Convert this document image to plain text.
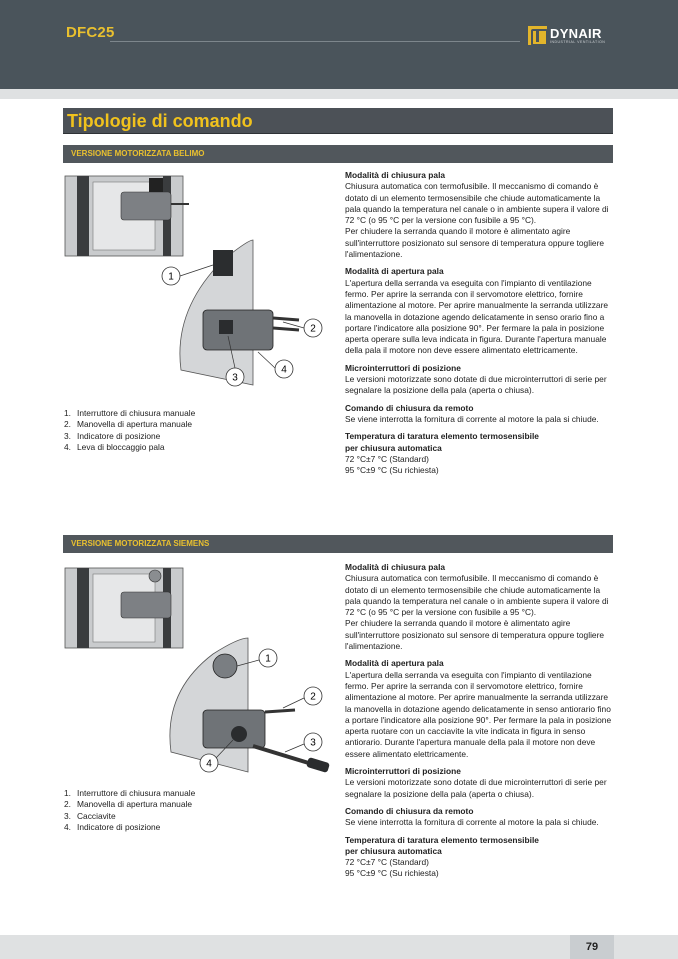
DFC25	DYNAIR
INDUSTRIAL VENTILATION
Tipologie di comando
VERSIONE MOTORIZZATA BELIMO
1
2
3
4
1. Interruttore di chiusura manuale
2. Manovella di apertura manuale
3. Indicatore di posizione
4. Leva di bloccaggio pala
Modalità di chiusura pala
Chiusura automatica con termofusibile. Il meccanismo di comando è dotato di un elemento termosensibile che chiude automaticamente la pala quando la temperatura nel canale o in ambiente supera il valore di 72 °C (o 95 °C per la versione con fusibile a 95 °C).
Per chiudere la serranda quando il motore è alimentato agire sull'interruttore posizionato sul sensore di temperatura oppure togliere l'alimentazione.
Modalità di apertura pala
L'apertura della serranda va eseguita con l'impianto di ventilazione fermo. Per aprire la serranda con il servomotore elettrico, fornire alimentazione al motore. Per aprire manualmente la serranda utilizzare la manovella in dotazione agendo delicatamente in senso orario fino a portare l'indicatore alla posizione 90°. Per fermare la pala in posizione aperta operare sulla leva indicata in figura. Durante l'apertura manuale della pala il motore non deve essere alimentato elettricamente.
Microinterruttori di posizione
Le versioni motorizzate sono dotate di due microinterruttori di serie per segnalare la posizione della pala (aperta o chiusa).
Comando di chiusura da remoto
Se viene interrotta la fornitura di corrente al motore la pala si chiude.
Temperatura di taratura elemento termosensibile
per chiusura automatica
72 °C±7 °C (Standard)
95 °C±9 °C (Su richiesta)
VERSIONE MOTORIZZATA SIEMENS
1
2
3
4
1. Interruttore di chiusura manuale
2. Manovella di apertura manuale
3. Cacciavite
4. Indicatore di posizione
Modalità di chiusura pala
Chiusura automatica con termofusibile. Il meccanismo di comando è dotato di un elemento termosensibile che chiude automaticamente la pala quando la temperatura nel canale o in ambiente supera il valore di 72 °C (o 95 °C per la versione con fusibile a 95 °C).
Per chiudere la serranda quando il motore è alimentato agire sull'interruttore posizionato sul sensore di temperatura oppure togliere l'alimentazione.
Modalità di apertura pala
L'apertura della serranda va eseguita con l'impianto di ventilazione fermo. Per aprire la serranda con il servomotore elettrico, fornire alimentazione al motore. Per aprire manualmente la serranda utilizzare la manovella in dotazione agendo delicatamente in senso antiorario fino a portare l'indicatore alla posizione 90°. Per fermare la pala in posizione aperta ruotare con un cacciavite la vite indicata in figura in senso antiorario. Durante l'apertura manuale della pala il motore non deve essere alimentato elettricamente.
Microinterruttori di posizione
Le versioni motorizzate sono dotate di due microinterruttori di serie per segnalare la posizione della pala (aperta o chiusa).
Comando di chiusura da remoto
Se viene interrotta la fornitura di corrente al motore la pala si chiude.
Temperatura di taratura elemento termosensibile
per chiusura automatica
72 °C±7 °C (Standard)
95 °C±9 °C (Su richiesta)
79
